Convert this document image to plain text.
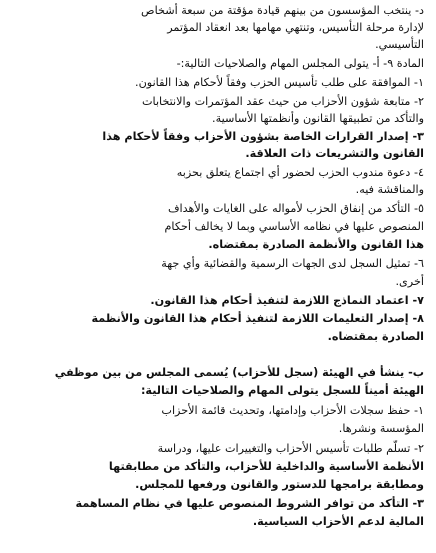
د- ينتخب المؤسسون من بينهم قيادة مؤقتة من سبعة أشخاص
لإدارة مرحلة التأسيس، وتنتهي مهامها بعد انعقاد المؤتمر
التأسيسي.
المادة ٩- أ- يتولى المجلس المهام والصلاحيات التالية:-
١- الموافقة على طلب تأسيس الحزب وفقاً لأحكام هذا القانون.
٢- متابعة شؤون الأحزاب من حيث عقد المؤتمرات والانتخابات
والتأكد من تطبيقها القانون وأنظمتها الأساسية.
٣- إصدار القرارات الخاصة بشؤون الأحزاب وفقاً لأحكام هذا
القانون والتشريعات ذات العلاقة.
٤- دعوة مندوب الحزب لحضور أي اجتماع يتعلق بحزبه
والمناقشة فيه.
٥- التأكد من إنفاق الحزب لأمواله على الغايات والأهداف
المنصوص عليها في نظامه الأساسي وبما لا يخالف أحكام
هذا القانون والأنظمة الصادرة بمقتضاه.
٦- تمثيل السجل لدى الجهات الرسمية والقضائية وأي جهة
أخرى.
٧- اعتماد النماذج اللازمة لتنفيذ أحكام هذا القانون.
٨- إصدار التعليمات اللازمة لتنفيذ أحكام هذا القانون والأنظمة
الصادرة بمقتضاه.
ب- ينشأ في الهيئة (سجل للأحزاب) يُسمى المجلس من بين موظفي
الهيئة أميناً للسجل يتولى المهام والصلاحيات التالية:
١- حفظ سجلات الأحزاب وإدامتها، وتحديث قائمة الأحزاب
المؤسسة ونشرها.
٢- تسلّم طلبات تأسيس الأحزاب والتغييرات عليها، ودراسة
الأنظمة الأساسية والداخلية للأحزاب، والتأكد من مطابقتها
ومطابقة برامجها للدستور والقانون ورفعها للمجلس.
٣- التأكد من توافر الشروط المنصوص عليها في نظام المساهمة
المالية لدعم الأحزاب السياسية.
